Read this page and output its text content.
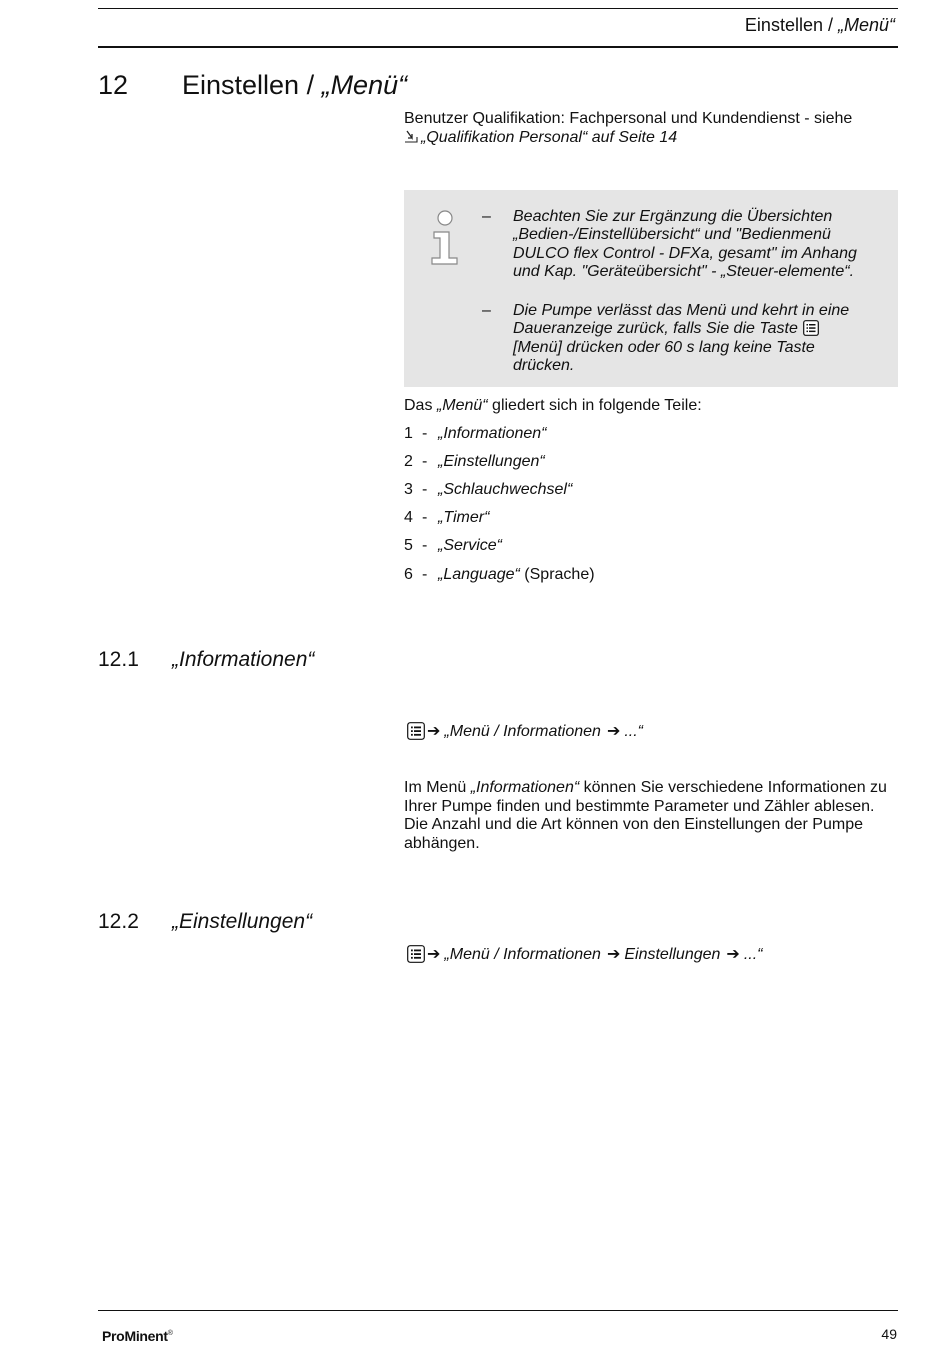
Einstellen / „Menü“
12 Einstellen / „Menü“
Benutzer Qualifikation: Fachpersonal und Kundendienst - siehe
„Qualifikation Personal“ auf Seite 14
– Beachten Sie zur Ergänzung die Übersichten „Bedien-/Einstellübersicht“ und "Bedienmenü DULCO flex Control - DFXa, gesamt" im Anhang und Kap. "Geräteübersicht" - „Steuer-elemente“.
– Die Pumpe verlässt das Menü und kehrt in eine Daueranzeige zurück, falls Sie die Taste [Menü] drücken oder 60 s lang keine Taste drücken.
Das „Menü“ gliedert sich in folgende Teile:
1 - „Informationen“
2 - „Einstellungen“
3 - „Schlauchwechsel“
4 - „Timer“
5 - „Service“
6 - „Language“ (Sprache)
12.1 „Informationen“
➔ „Menü / Informationen ➔ ...“
Im Menü „Informationen“ können Sie verschiedene Informationen zu Ihrer Pumpe finden und bestimmte Parameter und Zähler ablesen. Die Anzahl und die Art können von den Einstellungen der Pumpe abhängen.
12.2 „Einstellungen“
➔ „Menü / Informationen ➔ Einstellungen ➔ ...“
ProMinent®	49
